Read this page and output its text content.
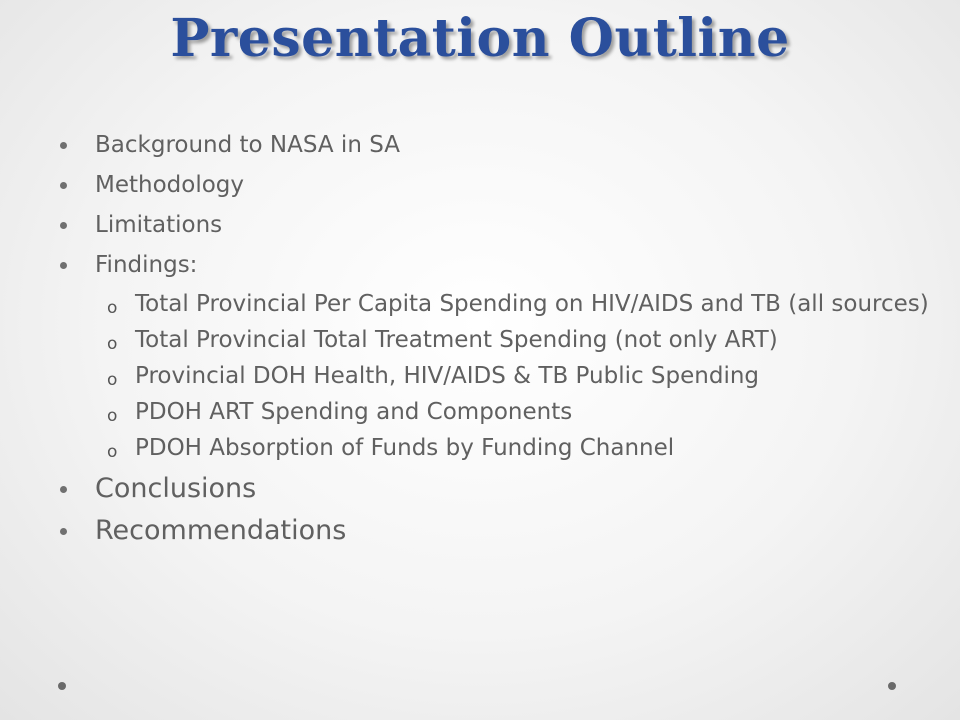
Presentation Outline
Background to NASA in SA
Methodology
Limitations
Findings:
o Total Provincial Per Capita Spending on HIV/AIDS and TB (all sources)
o Total Provincial Total Treatment Spending (not only ART)
o Provincial DOH Health, HIV/AIDS & TB Public Spending
o PDOH ART Spending and Components
o PDOH Absorption of Funds by Funding Channel
Conclusions
Recommendations
